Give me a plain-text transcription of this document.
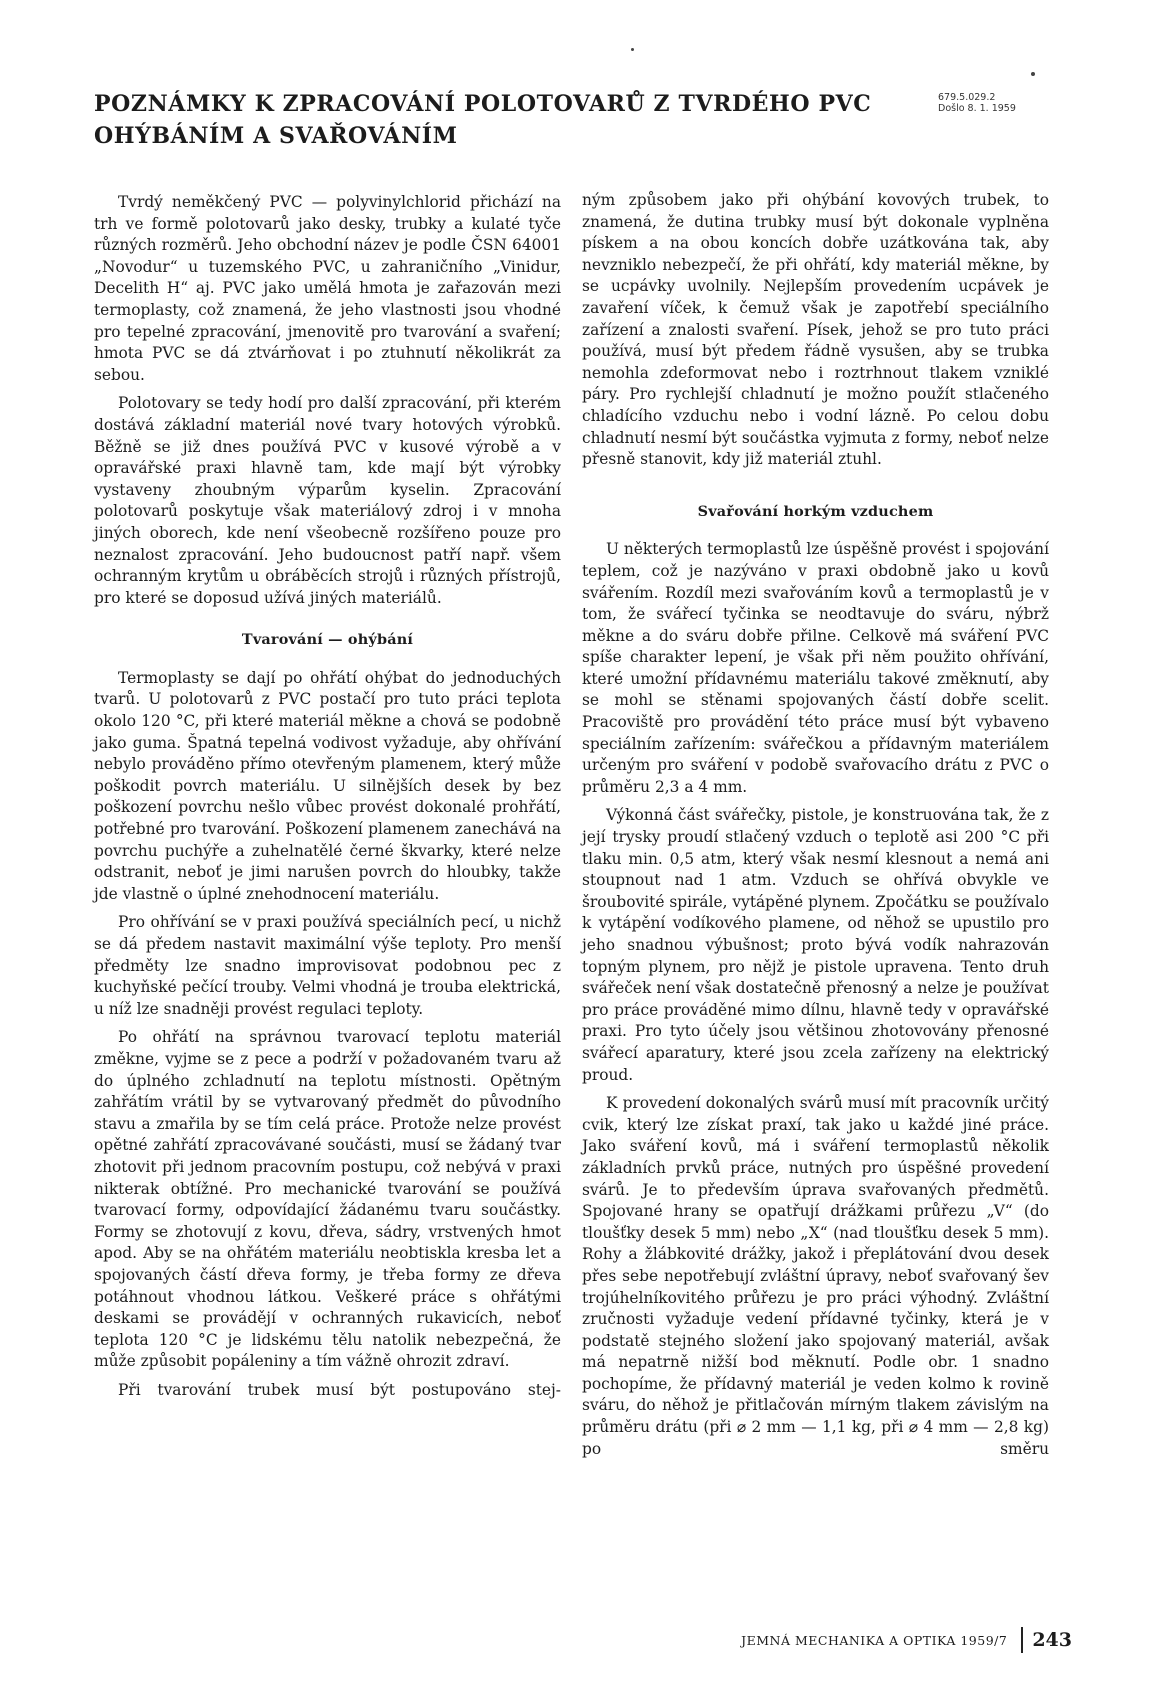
POZNÁMKY K ZPRACOVÁNÍ POLOTOVARŮ Z TVRDÉHO PVC
OHÝBÁNÍM A SVAŘOVÁNÍM
679.5.029.2
Došlo 8. 1. 1959

Tvrdý neměkčený PVC — polyvinylchlorid přichází na trh ve formě polotovarů jako desky, trubky a kulaté tyče různých rozměrů. Jeho obchodní název je podle ČSN 64001 „Novodur“ u tuzemského PVC, u zahraničního „Vinidur, Decelith H“ aj. PVC jako umělá hmota je zařazován mezi termoplasty, což znamená, že jeho vlastnosti jsou vhodné pro tepelné zpracování, jmenovitě pro tvarování a svaření; hmota PVC se dá ztvárňovat i po ztuhnutí několikrát za sebou.

Polotovary se tedy hodí pro další zpracování, při kterém dostává základní materiál nové tvary hotových výrobků. Běžně se již dnes používá PVC v kusové výrobě a v opravářské praxi hlavně tam, kde mají být výrobky vystaveny zhoubným výparům kyselin. Zpracování polotovarů poskytuje však materiálový zdroj i v mnoha jiných oborech, kde není všeobecně rozšířeno pouze pro neznalost zpracování. Jeho budoucnost patří např. všem ochranným krytům u obráběcích strojů i různých přístrojů, pro které se doposud užívá jiných materiálů.

Tvarování — ohýbání

Termoplasty se dají po ohřátí ohýbat do jednoduchých tvarů. U polotovarů z PVC postačí pro tuto práci teplota okolo 120 °C, při které materiál měkne a chová se podobně jako guma. Špatná tepelná vodivost vyžaduje, aby ohřívání nebylo prováděno přímo otevřeným plamenem, který může poškodit povrch materiálu. U silnějších desek by bez poškození povrchu nešlo vůbec provést dokonalé prohřátí, potřebné pro tvarování. Poškození plamenem zanechává na povrchu puchýře a zuhelnatělé černé škvarky, které nelze odstranit, neboť je jimi narušen povrch do hloubky, takže jde vlastně o úplné znehodnocení materiálu.

Pro ohřívání se v praxi používá speciálních pecí, u nichž se dá předem nastavit maximální výše teploty. Pro menší předměty lze snadno improvisovat podobnou pec z kuchyňské pečící trouby. Velmi vhodná je trouba elektrická, u níž lze snadněji provést regulaci teploty.

Po ohřátí na správnou tvarovací teplotu materiál změkne, vyjme se z pece a podrží v požadovaném tvaru až do úplného zchladnutí na teplotu místnosti. Opětným zahřátím vrátil by se vytvarovaný předmět do původního stavu a zmařila by se tím celá práce. Protože nelze provést opětné zahřátí zpracovávané součásti, musí se žádaný tvar zhotovit při jednom pracovním postupu, což nebývá v praxi nikterak obtížné. Pro mechanické tvarování se používá tvarovací formy, odpovídající žádanému tvaru součástky. Formy se zhotovují z kovu, dřeva, sádry, vrstvených hmot apod. Aby se na ohřátém materiálu neobtiskla kresba let a spojovaných částí dřeva formy, je třeba formy ze dřeva potáhnout vhodnou látkou. Veškeré práce s ohřátými deskami se provádějí v ochranných rukavicích, neboť teplota 120 °C je lidskému tělu natolik nebezpečná, že může způsobit popáleniny a tím vážně ohrozit zdraví.

Při tvarování trubek musí být postupováno stej-

ným způsobem jako při ohýbání kovových trubek, to znamená, že dutina trubky musí být dokonale vyplněna pískem a na obou koncích dobře uzátkována tak, aby nevzniklo nebezpečí, že při ohřátí, kdy materiál měkne, by se ucpávky uvolnily. Nejlepším provedením ucpávek je zavaření víček, k čemuž však je zapotřebí speciálního zařízení a znalosti svaření. Písek, jehož se pro tuto práci používá, musí být předem řádně vysušen, aby se trubka nemohla zdeformovat nebo i roztrhnout tlakem vzniklé páry. Pro rychlejší chladnutí je možno použít stlačeného chladícího vzduchu nebo i vodní lázně. Po celou dobu chladnutí nesmí být součástka vyjmuta z formy, neboť nelze přesně stanovit, kdy již materiál ztuhl.

Svařování horkým vzduchem

U některých termoplastů lze úspěšně provést i spojování teplem, což je nazýváno v praxi obdobně jako u kovů svářením. Rozdíl mezi svařováním kovů a termoplastů je v tom, že svářecí tyčinka se neodtavuje do sváru, nýbrž měkne a do sváru dobře přilne. Celkově má sváření PVC spíše charakter lepení, je však při něm použito ohřívání, které umožní přídavnému materiálu takové změknutí, aby se mohl se stěnami spojovaných částí dobře scelit. Pracoviště pro provádění této práce musí být vybaveno speciálním zařízením: svářečkou a přídavným materiálem určeným pro sváření v podobě svařovacího drátu z PVC o průměru 2,3 a 4 mm.

Výkonná část svářečky, pistole, je konstruována tak, že z její trysky proudí stlačený vzduch o teplotě asi 200 °C při tlaku min. 0,5 atm, který však nesmí klesnout a nemá ani stoupnout nad 1 atm. Vzduch se ohřívá obvykle ve šroubovité spirále, vytápěné plynem. Zpočátku se používalo k vytápění vodíkového plamene, od něhož se upustilo pro jeho snadnou výbušnost; proto bývá vodík nahrazován topným plynem, pro nějž je pistole upravena. Tento druh svářeček není však dostatečně přenosný a nelze je používat pro práce prováděné mimo dílnu, hlavně tedy v opravářské praxi. Pro tyto účely jsou většinou zhotovovány přenosné svářecí aparatury, které jsou zcela zařízeny na elektrický proud.

K provedení dokonalých svárů musí mít pracovník určitý cvik, který lze získat praxí, tak jako u každé jiné práce. Jako sváření kovů, má i sváření termoplastů několik základních prvků práce, nutných pro úspěšné provedení svárů. Je to především úprava svařovaných předmětů. Spojované hrany se opatřují drážkami průřezu „V“ (do tloušťky desek 5 mm) nebo „X“ (nad tloušťku desek 5 mm). Rohy a žlábkovité drážky, jakož i přeplátování dvou desek přes sebe nepotřebují zvláštní úpravy, neboť svařovaný šev trojúhelníkovitého průřezu je pro práci výhodný. Zvláštní zručnosti vyžaduje vedení přídavné tyčinky, která je v podstatě stejného složení jako spojovaný materiál, avšak má nepatrně nižší bod měknutí. Podle obr. 1 snadno pochopíme, že přídavný materiál je veden kolmo k rovině sváru, do něhož je přitlačován mírným tlakem závislým na průměru drátu (při ⌀ 2 mm — 1,1 kg, při ⌀ 4 mm — 2,8 kg) po směru

JEMNÁ MECHANIKA A OPTIKA 1959/7 243
